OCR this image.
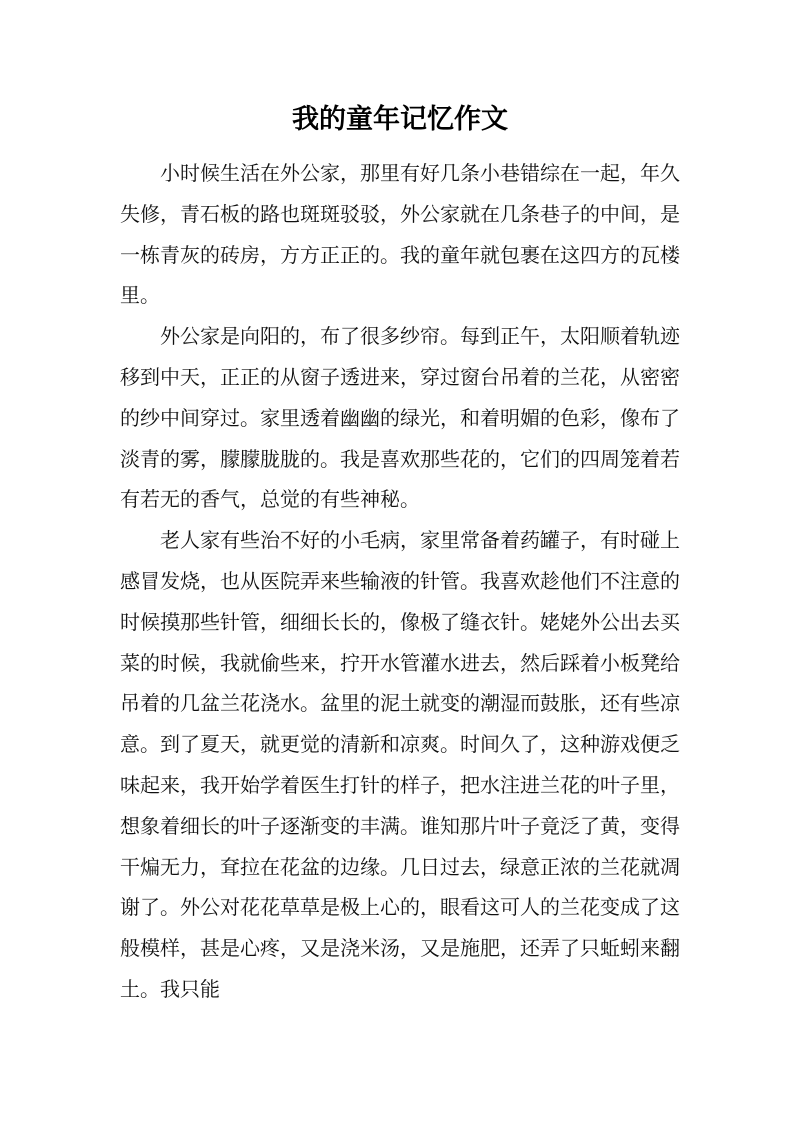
我的童年记忆作文

小时候生活在外公家，那里有好几条小巷错综在一起，年久失修，青石板的路也斑斑驳驳，外公家就在几条巷子的中间，是一栋青灰的砖房，方方正正的。我的童年就包裹在这四方的瓦楼里。

外公家是向阳的，布了很多纱帘。每到正午，太阳顺着轨迹移到中天，正正的从窗子透进来，穿过窗台吊着的兰花，从密密的纱中间穿过。家里透着幽幽的绿光，和着明媚的色彩，像布了淡青的雾，朦朦胧胧的。我是喜欢那些花的，它们的四周笼着若有若无的香气，总觉的有些神秘。

老人家有些治不好的小毛病，家里常备着药罐子，有时碰上感冒发烧，也从医院弄来些输液的针管。我喜欢趁他们不注意的时候摸那些针管，细细长长的，像极了缝衣针。姥姥外公出去买菜的时候，我就偷些来，拧开水管灌水进去，然后踩着小板凳给吊着的几盆兰花浇水。盆里的泥土就变的潮湿而鼓胀，还有些凉意。到了夏天，就更觉的清新和凉爽。时间久了，这种游戏便乏味起来，我开始学着医生打针的样子，把水注进兰花的叶子里，想象着细长的叶子逐渐变的丰满。谁知那片叶子竟泛了黄，变得干煸无力，耷拉在花盆的边缘。几日过去，绿意正浓的兰花就凋谢了。外公对花花草草是极上心的，眼看这可人的兰花变成了这般模样，甚是心疼，又是浇米汤，又是施肥，还弄了只蚯蚓来翻土。我只能
